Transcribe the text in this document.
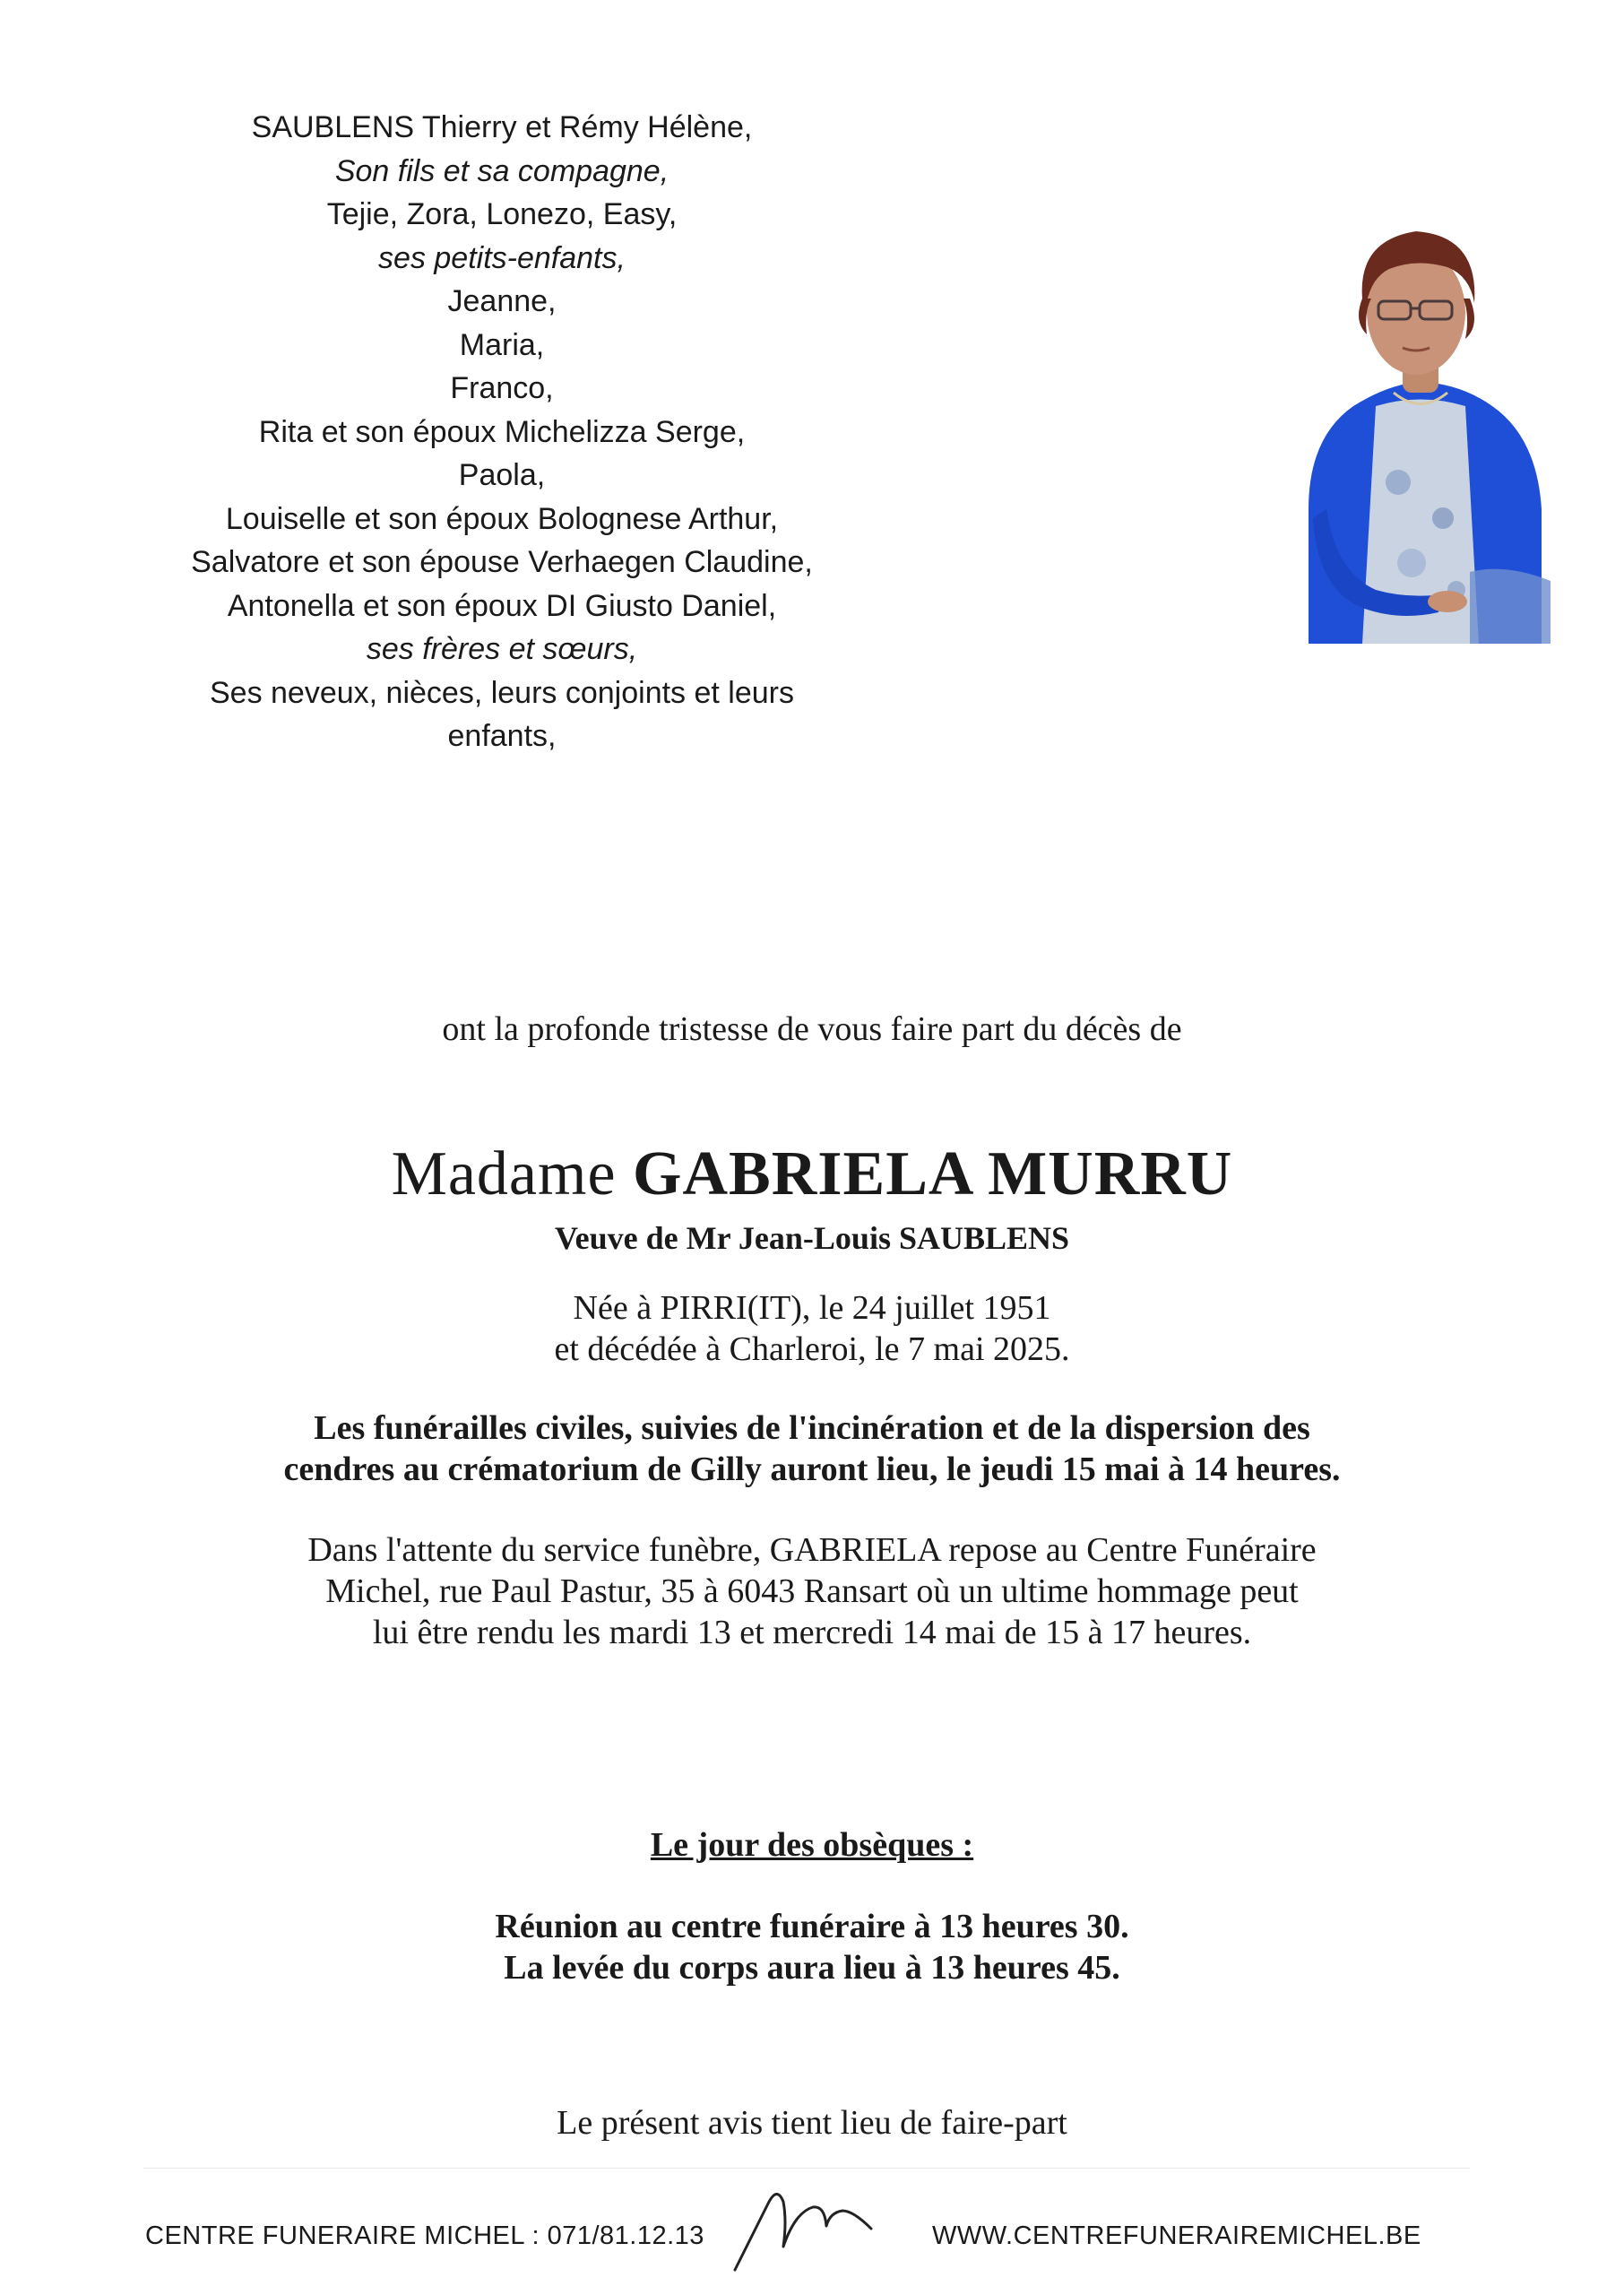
SAUBLENS Thierry et Rémy Hélène,
Son fils et sa compagne,
Tejie, Zora, Lonezo, Easy,
ses petits-enfants,
Jeanne,
Maria,
Franco,
Rita et son époux Michelizza Serge,
Paola,
Louiselle et son époux Bolognese Arthur,
Salvatore et son épouse Verhaegen Claudine,
Antonella et son époux DI Giusto Daniel,
ses frères et sœurs,
Ses neveux, nièces, leurs conjoints et leurs
enfants,
ont la profonde tristesse de vous faire part du décès de
Madame GABRIELA MURRU
Veuve de Mr Jean-Louis SAUBLENS
Née à PIRRI(IT), le 24 juillet 1951
et décédée à Charleroi, le 7 mai 2025.
Les funérailles civiles, suivies de l'incinération et de la dispersion des
cendres au crématorium de Gilly auront lieu, le jeudi 15 mai à 14 heures.
Dans l'attente du service funèbre, GABRIELA repose au Centre Funéraire
Michel, rue Paul Pastur, 35 à 6043 Ransart où un ultime hommage peut
lui être rendu les mardi 13 et mercredi 14 mai de 15 à 17 heures.
Le jour des obsèques :
Réunion au centre funéraire à 13 heures 30.
La levée du corps aura lieu à 13 heures 45.
Le présent avis tient lieu de faire-part
CENTRE FUNERAIRE MICHEL : 071/81.12.13	WWW.CENTREFUNERAIREMICHEL.BE
